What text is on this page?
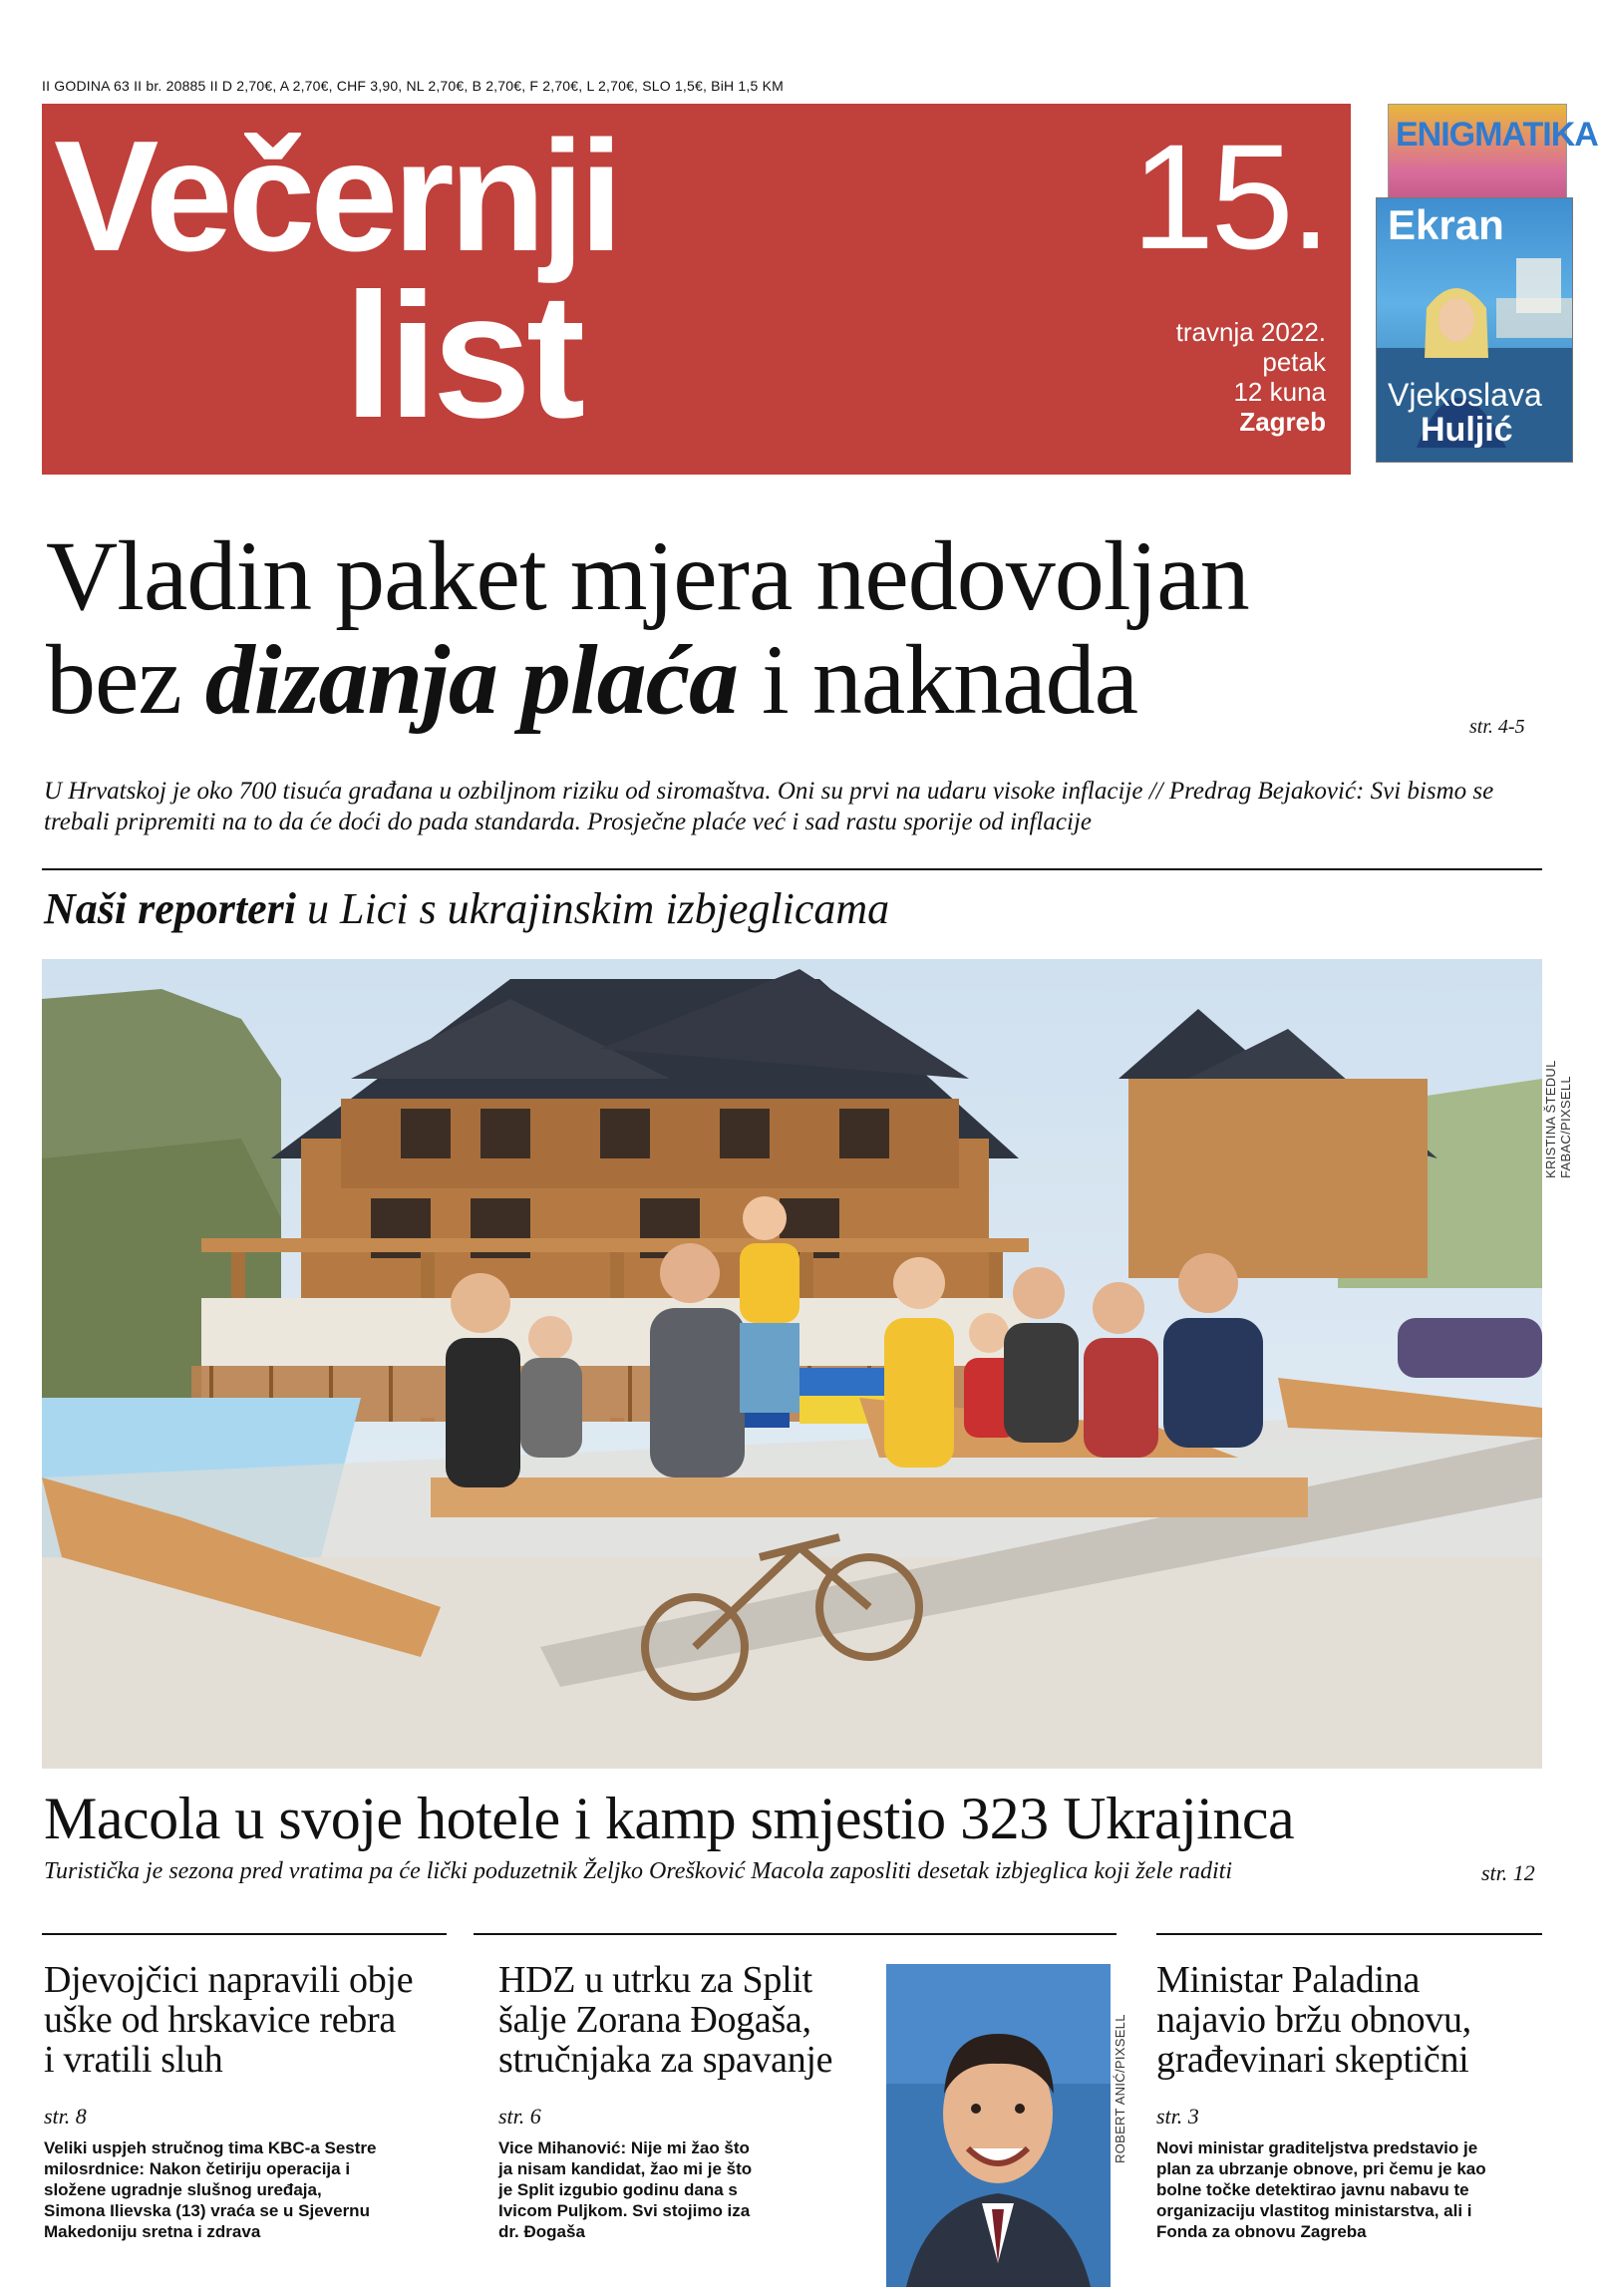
II GODINA 63 II br. 20885 II D 2,70€, A 2,70€, CHF 3,90, NL 2,70€, B 2,70€, F 2,70€, L 2,70€, SLO 1,5€, BiH 1,5 KM
Večernji
list
15.
travnja 2022.
petak
12 kuna
Zagreb
ENIGMATIKA
Ekran
Vjekoslava
Huljić
Vladin paket mjera nedovoljan
bez dizanja plaća i naknada	str. 4-5
U Hrvatskoj je oko 700 tisuća građana u ozbiljnom riziku od siromaštva. Oni su prvi na udaru visoke inflacije // Predrag Bejaković: Svi bismo se trebali pripremiti na to da će doći do pada standarda. Prosječne plaće već i sad rastu sporije od inflacije
Naši reporteri u Lici s ukrajinskim izbjeglicama
KRISTINA ŠTEDUL FABAC/PIXSELL
Macola u svoje hotele i kamp smjestio 323 Ukrajinca
Turistička je sezona pred vratima pa će lički poduzetnik Željko Orešković Macola zaposliti desetak izbjeglica koji žele raditi	str. 12
Djevojčici napravili obje
uške od hrskavice rebra
i vratili sluh
str. 8
Veliki uspjeh stručnog tima KBC-a Sestre
milosrdnice: Nakon četiriju operacija i
složene ugradnje slušnog uređaja,
Simona Ilievska (13) vraća se u Sjevernu
Makedoniju sretna i zdrava
HDZ u utrku za Split
šalje Zorana Đogaša,
stručnjaka za spavanje
str. 6
Vice Mihanović: Nije mi žao što
ja nisam kandidat, žao mi je što
je Split izgubio godinu dana s
Ivicom Puljkom. Svi stojimo iza
dr. Đogaša
ROBERT ANIĆ/PIXSELL
Ministar Paladina
najavio bržu obnovu,
građevinari skeptični
str. 3
Novi ministar graditeljstva predstavio je
plan za ubrzanje obnove, pri čemu je kao
bolne točke detektirao javnu nabavu te
organizaciju vlastitog ministarstva, ali i
Fonda za obnovu Zagreba
